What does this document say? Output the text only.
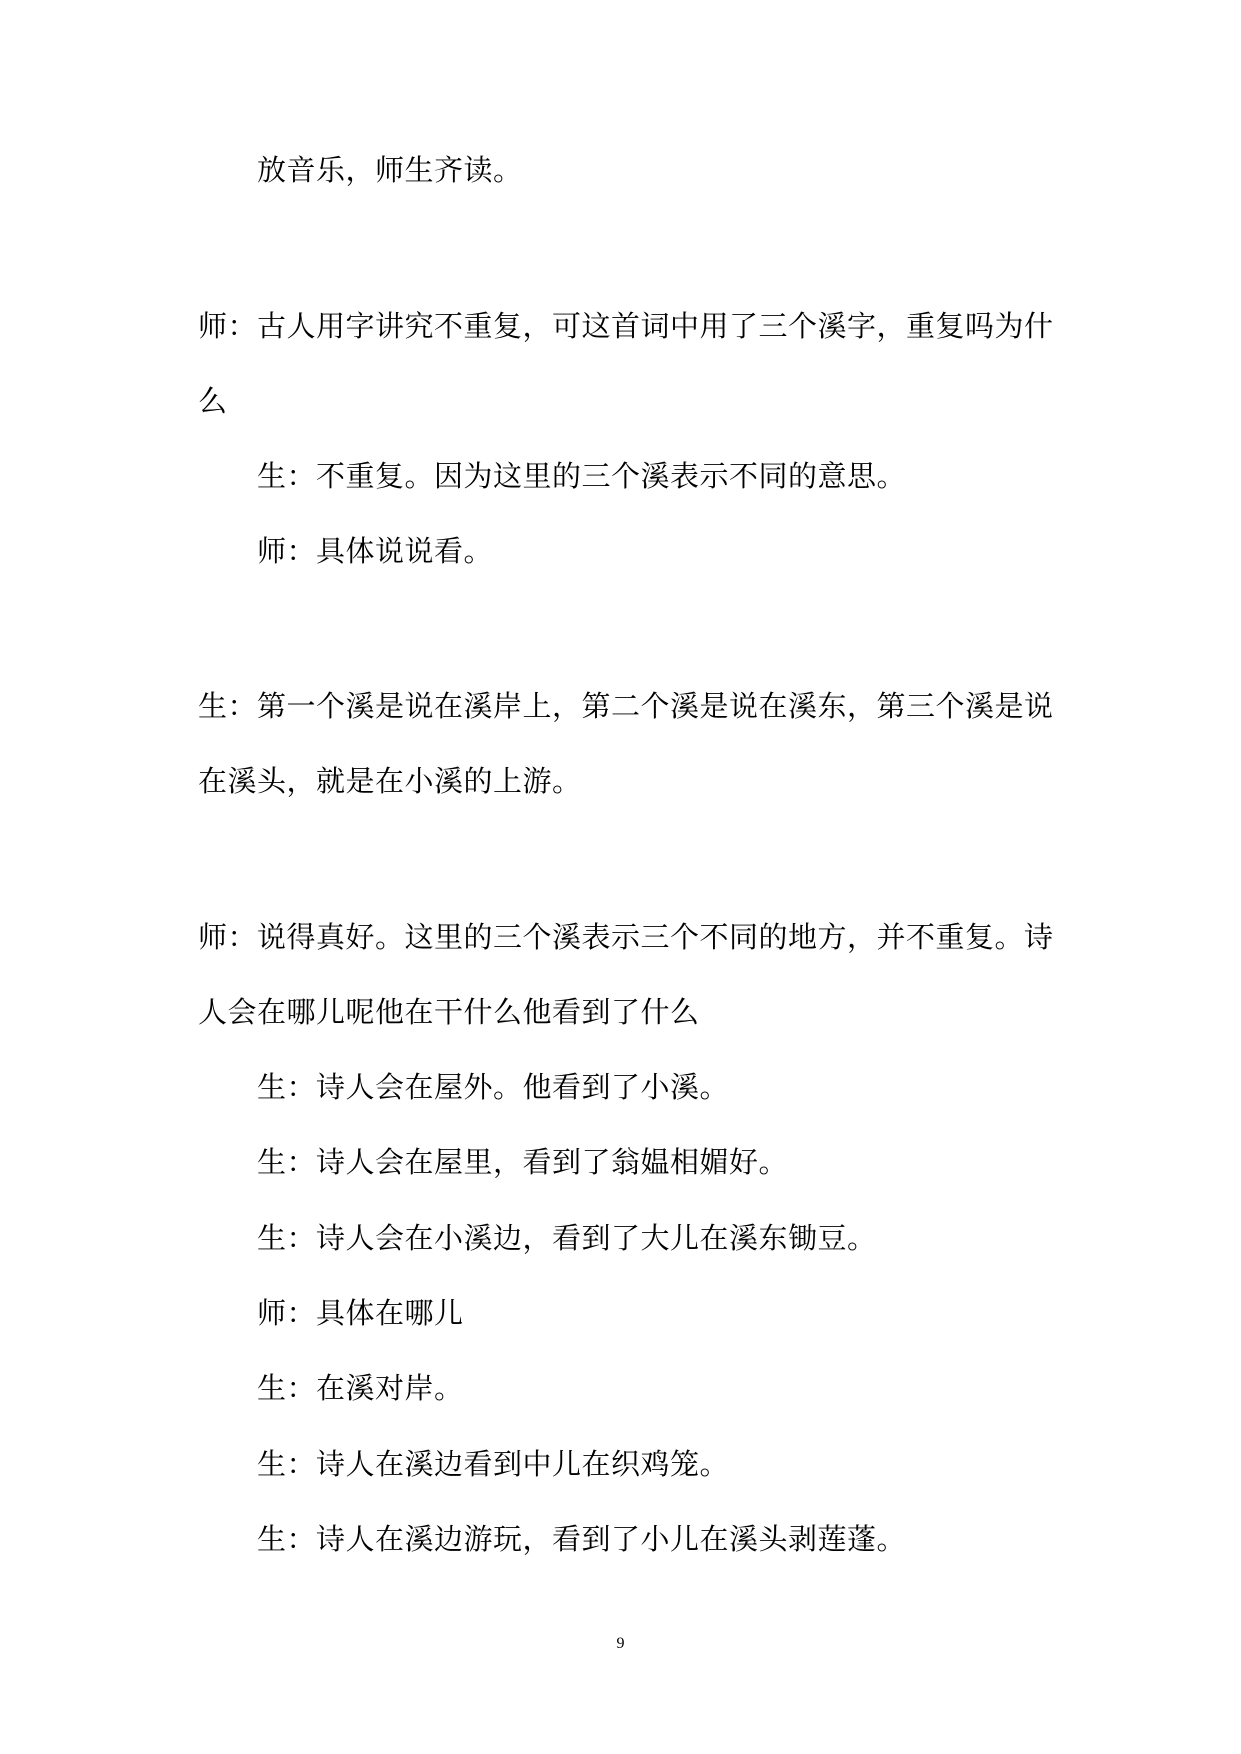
放音乐，师生齐读。
师：古人用字讲究不重复，可这首词中用了三个溪字，重复吗为什
么
生：不重复。因为这里的三个溪表示不同的意思。
师：具体说说看。
生：第一个溪是说在溪岸上，第二个溪是说在溪东，第三个溪是说
在溪头，就是在小溪的上游。
师：说得真好。这里的三个溪表示三个不同的地方，并不重复。诗
人会在哪儿呢他在干什么他看到了什么
生：诗人会在屋外。他看到了小溪。
生：诗人会在屋里，看到了翁媪相媚好。
生：诗人会在小溪边，看到了大儿在溪东锄豆。
师：具体在哪儿
生：在溪对岸。
生：诗人在溪边看到中儿在织鸡笼。
生：诗人在溪边游玩，看到了小儿在溪头剥莲蓬。
9
